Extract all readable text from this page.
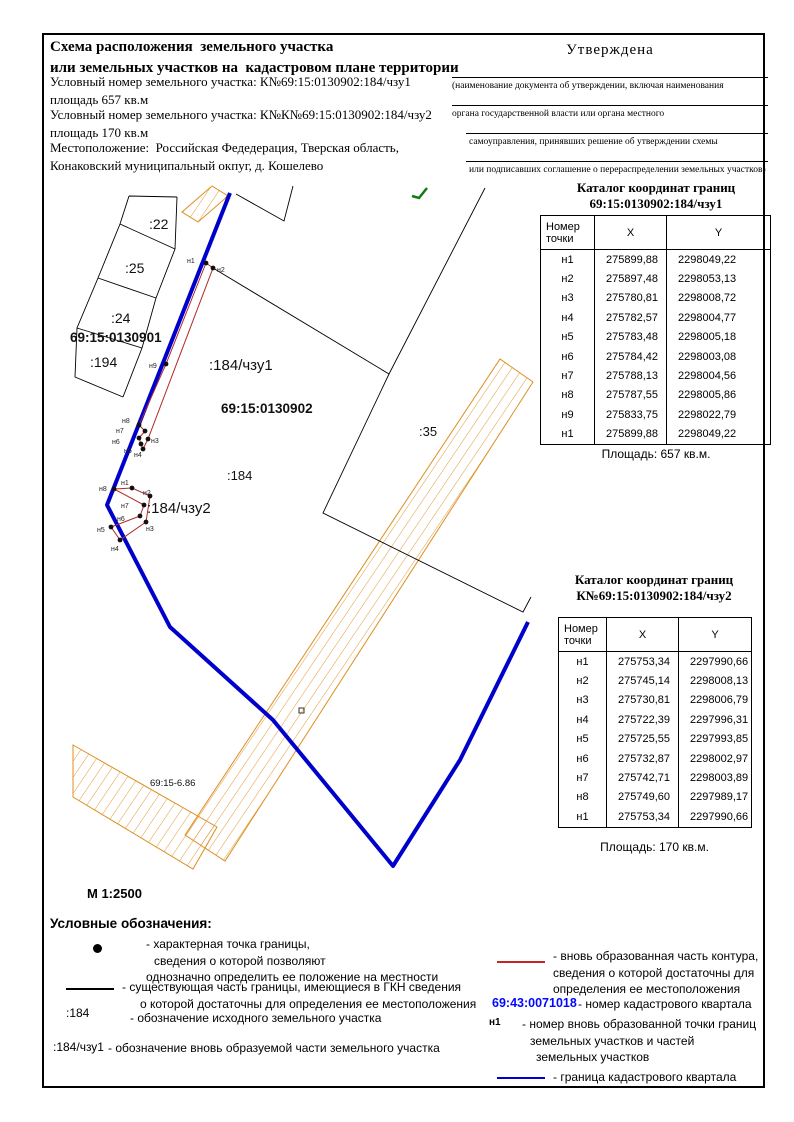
Схема расположения  земельного участка
или земельных участков на  кадастровом плане территории
Условный номер земельного участка: К№69:15:0130902:184/чзу1
площадь 657 кв.м
Условный номер земельного участка: К№К№69:15:0130902:184/чзу2
площадь 170 кв.м
Местоположение:  Российская Федедерация, Тверская область,
Конаковский муниципальный окпуг, д. Кошелево
Утверждена
(наименование документа об утверждении, включая наименования
органа государственной власти или органа местного
самоуправления, принявших решение об утверждении схемы
или подписавших соглашение о перераспределении земельных участков)
Каталог координат границ
69:15:0130902:184/чзу1
Номер точки	X	Y
н1	275899,88	2298049,22
н2	275897,48	2298053,13
н3	275780,81	2298008,72
н4	275782,57	2298004,77
н5	275783,48	2298005,18
н6	275784,42	2298003,08
н7	275788,13	2298004,56
н8	275787,55	2298005,86
н9	275833,75	2298022,79
н1	275899,88	2298049,22
Площадь: 657 кв.м.
Каталог координат границ
К№69:15:0130902:184/чзу2
Номер точки	X	Y
н1	275753,34	2297990,66
н2	275745,14	2298008,13
н3	275730,81	2298006,79
н4	275722,39	2297996,31
н5	275725,55	2297993,85
н6	275732,87	2298002,97
н7	275742,71	2298003,89
н8	275749,60	2297989,17
н1	275753,34	2297990,66
Площадь: 170 кв.м.
:22
:25
:24
:194
69:15:0130901
69:15:0130902
:184/чзу1
:184/чзу2
:184
:35
69:15-6.86
н1
н2
н3
н4
н5
н6
н7
н8
н9
н1
н2
н3
н4
н5
н6
н7
н8
М 1:2500
Условные обозначения:
- характерная точка границы,
сведения о которой позволяют
однозначно определить ее положение на местности
- существующая часть границы, имеющиеся в ГКН сведения
о которой достаточны для определения ее местоположения
:184	- обозначение исходного земельного участка
:184/чзу1 - обозначение вновь образуемой части земельного участка
- вновь образованная часть контура,
сведения о которой достаточны для
определения ее местоположения
69:43:0071018 - номер кадастрового квартала
н1 - номер вновь образованной точки границ
земельных участков и частей
земельных участков
- граница кадастрового квартала
